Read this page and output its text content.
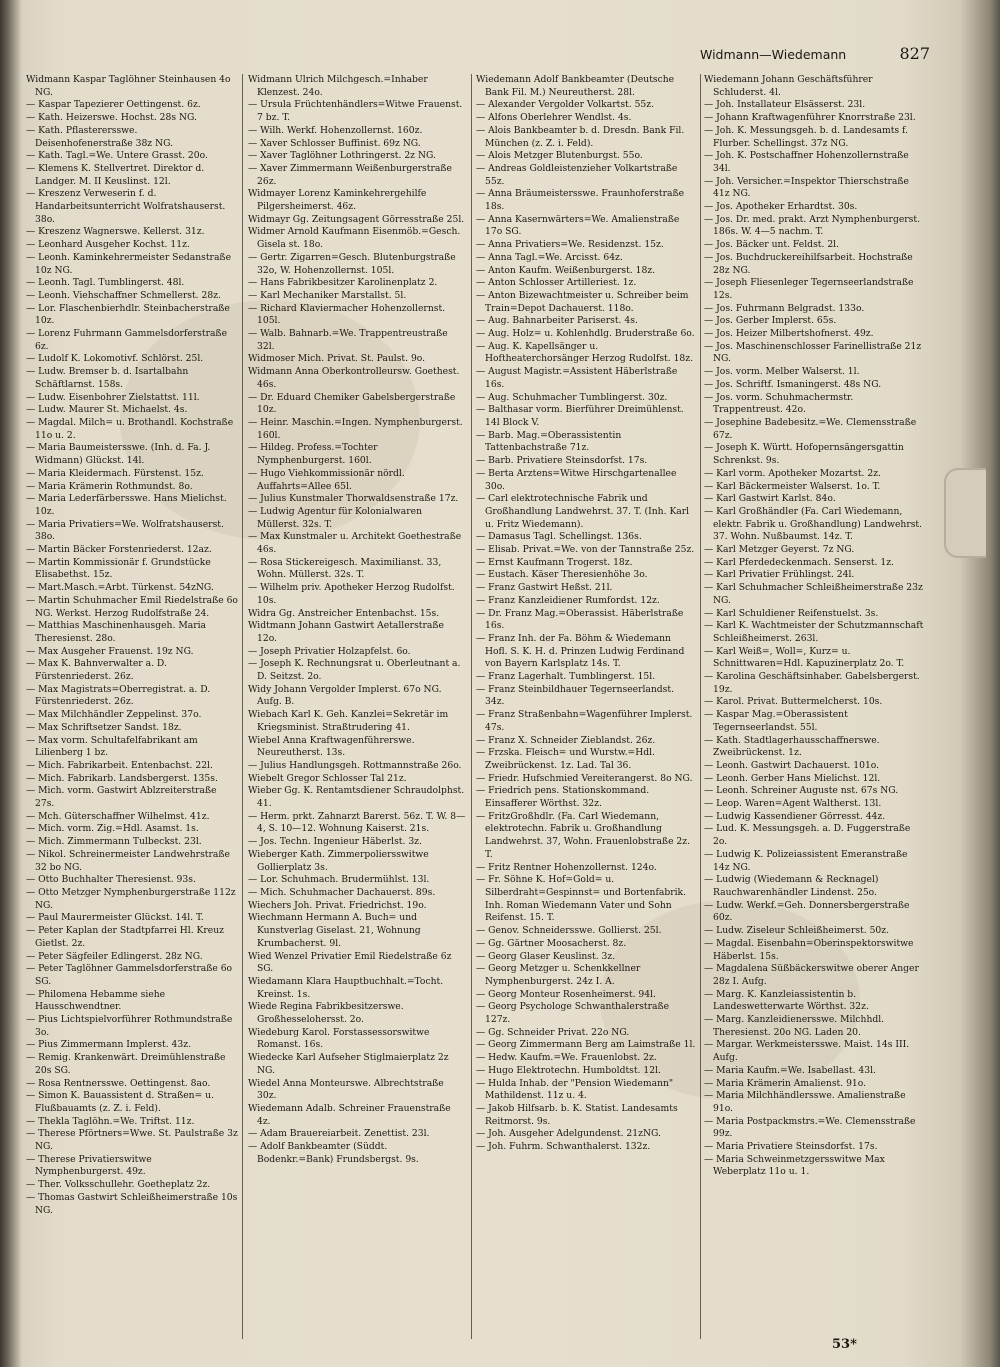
Widmann—Wiedemann	827

Widmann Kaspar Taglöhner Steinhausen 4o NG.

— Kaspar Tapezierer Oettingenst. 6z.

— Kath. Heizerswe. Hochst. 28s NG.

— Kath. Pflasterersswe. Deisenhofenerstraße 38z NG.

— Kath. Tagl.=We. Untere Grasst. 20o.

— Klemens K. Stellvertret. Direktor d. Landger. M. II Keuslinst. 12l.

— Kreszenz Verweserin f. d. Handarbeitsunterricht Wolfratshauserst. 38o.

— Kreszenz Wagnerswe. Kellerst. 31z.

— Leonhard Ausgeher Kochst. 11z.

— Leonh. Kaminkehrermeister Sedanstraße 10z NG.

— Leonh. Tagl. Tumblingerst. 48l.

— Leonh. Viehschaffner Schmellerst. 28z.

— Lor. Flaschenbierhdlr. Steinbacherstraße 10z.

— Lorenz Fuhrmann Gammelsdorferstraße 6z.

— Ludolf K. Lokomotivf. Schlörst. 25l.

— Ludw. Bremser b. d. Isartalbahn Schäftlarnst. 158s.

— Ludw. Eisenbohrer Zielstattst. 11l.

— Ludw. Maurer St. Michaelst. 4s.

— Magdal. Milch= u. Brothandl. Kochstraße 11o u. 2.

— Maria Baumeistersswe. (Inh. d. Fa. J. Widmann) Glückst. 14l.

— Maria Kleidermach. Fürstenst. 15z.

— Maria Krämerin Rothmundst. 8o.

— Maria Lederfärbersswe. Hans Mielichst. 10z.

— Maria Privatiers=We. Wolfratshauserst. 38o.

— Martin Bäcker Forstenriederst. 12az.

— Martin Kommissionär f. Grundstücke Elisabethst. 15z.

— Mart.Masch.=Arbt. Türkenst. 54zNG.

— Martin Schuhmacher Emil Riedelstraße 6o NG. Werkst. Herzog Rudolfstraße 24.

— Matthias Maschinenhausgeh. Maria Theresienst. 28o.

— Max Ausgeher Frauenst. 19z NG.

— Max K. Bahnverwalter a. D. Fürstenriederst. 26z.

— Max Magistrats=Oberregistrat. a. D. Fürstenriederst. 26z.

— Max Milchhändler Zeppelinst. 37o.

— Max Schriftsetzer Sandst. 18z.

— Max vorm. Schultafelfabrikant am Lilienberg 1 bz.

— Mich. Fabrikarbeit. Entenbachst. 22l.

— Mich. Fabrikarb. Landsbergerst. 135s.

— Mich. vorm. Gastwirt Ablzreiterstraße 27s.

— Mch. Güterschaffner Wilhelmst. 41z.

— Mich. vorm. Zig.=Hdl. Asamst. 1s.

— Mich. Zimmermann Tulbeckst. 23l.

— Nikol. Schreinermeister Landwehrstraße 32 bo NG.

— Otto Buchhalter Theresienst. 93s.

— Otto Metzger Nymphenburgerstraße 112z NG.

— Paul Maurermeister Glückst. 14l. T.

— Peter Kaplan der Stadtpfarrei Hl. Kreuz Gietlst. 2z.

— Peter Sägfeiler Edlingerst. 28z NG.

— Peter Taglöhner Gammelsdorferstraße 6o SG.

— Philomena Hebamme siehe Hausschwendtner.

— Pius Lichtspielvorführer Rothmundstraße 3o.

— Pius Zimmermann Implerst. 43z.

— Remig. Krankenwärt. Dreimühlenstraße 20s SG.

— Rosa Rentnersswe. Oettingenst. 8ao.

— Simon K. Bauassistent d. Straßen= u. Flußbauamts (z. Z. i. Feld).

— Thekla Taglöhn.=We. Triftst. 11z.

— Therese Pförtners=Wwe. St. Paulstraße 3z NG.

— Therese Privatierswitwe Nymphenburgerst. 49z.

— Ther. Volksschullehr. Goetheplatz 2z.

— Thomas Gastwirt Schleißheimerstraße 10s NG.

Widmann Ulrich Milchgesch.=Inhaber Klenzest. 24o.

— Ursula Früchtenhändlers=Witwe Frauenst. 7 bz. T.

— Wilh. Werkf. Hohenzollernst. 160z.

— Xaver Schlosser Buffinist. 69z NG.

— Xaver Taglöhner Lothringerst. 2z NG.

— Xaver Zimmermann Weißenburgerstraße 26z.

Widmayer Lorenz Kaminkehrergehilfe Pilgersheimerst. 46z.

Widmayr Gg. Zeitungsagent Görresstraße 25l.

Widmer Arnold Kaufmann Eisenmöb.=Gesch. Gisela st. 18o.

— Gertr. Zigarren=Gesch. Blutenburgstraße 32o, W. Hohenzollernst. 105l.

— Hans Fabrikbesitzer Karolinenplatz 2.

— Karl Mechaniker Marstallst. 5l.

— Richard Klaviermacher Hohenzollernst. 105l.

— Walb. Bahnarb.=We. Trappentreustraße 32l.

Widmoser Mich. Privat. St. Paulst. 9o.

Widmann Anna Oberkontrolleursw. Goethest. 46s.

— Dr. Eduard Chemiker Gabelsbergerstraße 10z.

— Heinr. Maschin.=Ingen. Nymphenburgerst. 160l.

— Hildeg. Profess.=Tochter Nymphenburgerst. 160l.

— Hugo Viehkommissionär nördl. Auffahrts=Allee 65l.

— Julius Kunstmaler Thorwaldsenstraße 17z.

— Ludwig Agentur für Kolonialwaren Müllerst. 32s. T.

— Max Kunstmaler u. Architekt Goethestraße 46s.

— Rosa Stickereigesch. Maximilianst. 33, Wohn. Müllerst. 32s. T.

— Wilhelm priv. Apotheker Herzog Rudolfst. 10s.

Widra Gg. Anstreicher Entenbachst. 15s.

Widtmann Johann Gastwirt Aetallerstraße 12o.

— Joseph Privatier Holzapfelst. 6o.

— Joseph K. Rechnungsrat u. Oberleutnant a. D. Seitzst. 2o.

Widy Johann Vergolder Implerst. 67o NG. Aufg. B.

Wiebach Karl K. Geh. Kanzlei=Sekretär im Kriegsminist. Straßtrudering 41.

Wiebel Anna Kraftwagenführerswe. Neureutherst. 13s.

— Julius Handlungsgeh. Rottmannstraße 26o.

Wiebelt Gregor Schlosser Tal 21z.

Wieber Gg. K. Rentamtsdiener Schraudolphst. 41.

— Herm. prkt. Zahnarzt Barerst. 56z. T. W. 8—4, S. 10—12. Wohnung Kaiserst. 21s.

— Jos. Techn. Ingenieur Häberlst. 3z.

Wieberger Kath. Zimmerpoliersswitwe Gollierplatz 3s.

— Lor. Schuhmach. Brudermühlst. 13l.

— Mich. Schuhmacher Dachauerst. 89s.

Wiechers Joh. Privat. Friedrichst. 19o.

Wiechmann Hermann A. Buch= und Kunstverlag Giselast. 21, Wohnung Krumbacherst. 9l.

Wied Wenzel Privatier Emil Riedelstraße 6z SG.

Wiedamann Klara Hauptbuchhalt.=Tocht. Kreinst. 1s.

Wiede Regina Fabrikbesitzerswe. Großhesselohersst. 2o.

Wiedeburg Karol. Forstassessorswitwe Romanst. 16s.

Wiedecke Karl Aufseher Stiglmaierplatz 2z NG.

Wiedel Anna Monteurswe. Albrechtstraße 30z.

Wiedemann Adalb. Schreiner Frauenstraße 4z.

— Adam Brauereiarbeit. Zenettist. 23l.

— Adolf Bankbeamter (Süddt. Bodenkr.=Bank) Frundsbergst. 9s.

Wiedemann Adolf Bankbeamter (Deutsche Bank Fil. M.) Neureutherst. 28l.

— Alexander Vergolder Volkartst. 55z.

— Alfons Oberlehrer Wendlst. 4s.

— Alois Bankbeamter b. d. Dresdn. Bank Fil. München (z. Z. i. Feld).

— Alois Metzger Blutenburgst. 55o.

— Andreas Goldleistenzieher Volkartstraße 55z.

— Anna Bräumeistersswe. Fraunhoferstraße 18s.

— Anna Kasernwärters=We. Amalienstraße 17o SG.

— Anna Privatiers=We. Residenzst. 15z.

— Anna Tagl.=We. Arcisst. 64z.

— Anton Kaufm. Weißenburgerst. 18z.

— Anton Schlosser Artilleriest. 1z.

— Anton Bizewachtmeister u. Schreiber beim Train=Depot Dachauerst. 118o.

— Aug. Bahnarbeiter Pariserst. 4s.

— Aug. Holz= u. Kohlenhdlg. Bruderstraße 6o.

— Aug. K. Kapellsänger u. Hoftheaterchorsänger Herzog Rudolfst. 18z.

— August Magistr.=Assistent Häberlstraße 16s.

— Aug. Schuhmacher Tumblingerst. 30z.

— Balthasar vorm. Bierführer Dreimühlenst. 14l Block V.

— Barb. Mag.=Oberassistentin Tattenbachstraße 71z.

— Barb. Privatiere Steinsdorfst. 17s.

— Berta Arztens=Witwe Hirschgartenallee 30o.

— Carl elektrotechnische Fabrik und Großhandlung Landwehrst. 37. T. (Inh. Karl u. Fritz Wiedemann).

— Damasus Tagl. Schellingst. 136s.

— Elisab. Privat.=We. von der Tannstraße 25z.

— Ernst Kaufmann Trogerst. 18z.

— Eustach. Käser Theresienhöhe 3o.

— Franz Gastwirt Heßst. 21l.

— Franz Kanzleidiener Rumfordst. 12z.

— Dr. Franz Mag.=Oberassist. Häberlstraße 16s.

— Franz Inh. der Fa. Böhm & Wiedemann Hofl. S. K. H. d. Prinzen Ludwig Ferdinand von Bayern Karlsplatz 14s. T.

— Franz Lagerhalt. Tumblingerst. 15l.

— Franz Steinbildhauer Tegernseerlandst. 34z.

— Franz Straßenbahn=Wagenführer Implerst. 47s.

— Franz X. Schneider Zieblandst. 26z.

— Frzska. Fleisch= und Wurstw.=Hdl. Zweibrückenst. 1z. Lad. Tal 36.

— Friedr. Hufschmied Vereiterangerst. 8o NG.

— Friedrich pens. Stationskommand. Einsafferer Wörthst. 32z.

— FritzGroßhdlr. (Fa. Carl Wiedemann, elektrotechn. Fabrik u. Großhandlung Landwehrst. 37, Wohn. Frauenlobstraße 2z. T.

— Fritz Rentner Hohenzollernst. 124o.

— Fr. Söhne K. Hof=Gold= u. Silberdraht=Gespinnst= und Bortenfabrik. Inh. Roman Wiedemann Vater und Sohn Reifenst. 15. T.

— Genov. Schneidersswe. Gollierst. 25l.

— Gg. Gärtner Moosacherst. 8z.

— Georg Glaser Keuslinst. 3z.

— Georg Metzger u. Schenkkellner Nymphenburgerst. 24z I. A.

— Georg Monteur Rosenheimerst. 94l.

— Georg Psychologe Schwanthalerstraße 127z.

— Gg. Schneider Privat. 22o NG.

— Georg Zimmermann Berg am Laimstraße 1l.

— Hedw. Kaufm.=We. Frauenlobst. 2z.

— Hugo Elektrotechn. Humboldtst. 12l.

— Hulda Inhab. der "Pension Wiedemann" Mathildenst. 11z u. 4.

— Jakob Hilfsarb. b. K. Statist. Landesamts Reitmorst. 9s.

— Joh. Ausgeher Adelgundenst. 21zNG.

— Joh. Fuhrm. Schwanthalerst. 132z.

Wiedemann Johann Geschäftsführer Schluderst. 4l.

— Joh. Installateur Elsässerst. 23l.

— Johann Kraftwagenführer Knorrstraße 23l.

— Joh. K. Messungsgeh. b. d. Landesamts f. Flurber. Schellingst. 37z NG.

— Joh. K. Postschaffner Hohenzollernstraße 34l.

— Joh. Versicher.=Inspektor Thierschstraße 41z NG.

— Jos. Apotheker Erhardtst. 30s.

— Jos. Dr. med. prakt. Arzt Nymphenburgerst. 186s. W. 4—5 nachm. T.

— Jos. Bäcker unt. Feldst. 2l.

— Jos. Buchdruckereihilfsarbeit. Hochstraße 28z NG.

— Joseph Fliesenleger Tegernseerlandstraße 12s.

— Jos. Fuhrmann Belgradst. 133o.

— Jos. Gerber Implerst. 65s.

— Jos. Heizer Milbertshofnerst. 49z.

— Jos. Maschinenschlosser Farinellistraße 21z NG.

— Jos. vorm. Melber Walserst. 1l.

— Jos. Schriftf. Ismaningerst. 48s NG.

— Jos. vorm. Schuhmachermstr. Trappentreust. 42o.

— Josephine Badebesitz.=We. Clemensstraße 67z.

— Joseph K. Württ. Hofopernsängersgattin Schrenkst. 9s.

— Karl vorm. Apotheker Mozartst. 2z.

— Karl Bäckermeister Walserst. 1o. T.

— Karl Gastwirt Karlst. 84o.

— Karl Großhändler (Fa. Carl Wiedemann, elektr. Fabrik u. Großhandlung) Landwehrst. 37. Wohn. Nußbaumst. 14z. T.

— Karl Metzger Geyerst. 7z NG.

— Karl Pferdedeckenmach. Senserst. 1z.

— Karl Privatier Frühlingst. 24l.

— Karl Schuhmacher Schleißheimerstraße 23z NG.

— Karl Schuldiener Reifenstuelst. 3s.

— Karl K. Wachtmeister der Schutzmannschaft Schleißheimerst. 263l.

— Karl Weiß=, Woll=, Kurz= u. Schnittwaren=Hdl. Kapuzinerplatz 2o. T.

— Karolina Geschäftsinhaber. Gabelsbergerst. 19z.

— Karol. Privat. Buttermelcherst. 10s.

— Kaspar Mag.=Oberassistent Tegernseerlandst. 55l.

— Kath. Stadtlagerhausschaffnerswe. Zweibrückenst. 1z.

— Leonh. Gastwirt Dachauerst. 101o.

— Leonh. Gerber Hans Mielichst. 12l.

— Leonh. Schreiner Auguste nst. 67s NG.

— Leop. Waren=Agent Waltherst. 13l.

— Ludwig Kassendiener Görresst. 44z.

— Lud. K. Messungsgeh. a. D. Fuggerstraße 2o.

— Ludwig K. Polizeiassistent Emeranstraße 14z NG.

— Ludwig (Wiedemann & Recknagel) Rauchwarenhändler Lindenst. 25o.

— Ludw. Werkf.=Geh. Donnersbergerstraße 60z.

— Ludw. Ziseleur Schleißheimerst. 50z.

— Magdal. Eisenbahn=Oberinspektorswitwe Häberlst. 15s.

— Magdalena Süßbäckerswitwe oberer Anger 28z I. Aufg.

— Marg. K. Kanzleiassistentin b. Landeswetterwarte Wörthst. 32z.

— Marg. Kanzleidienersswe. Milchhdl. Theresienst. 20o NG. Laden 20.

— Margar. Werkmeistersswe. Maist. 14s III. Aufg.

— Maria Kaufm.=We. Isabellast. 43l.

— Maria Krämerin Amalienst. 91o.

— Maria Milchhändlersswe. Amalienstraße 91o.

— Maria Postpackmstrs.=We. Clemensstraße 99z.

— Maria Privatiere Steinsdorfst. 17s.

— Maria Schweinmetzgersswitwe Max Weberplatz 11o u. 1.

53*
